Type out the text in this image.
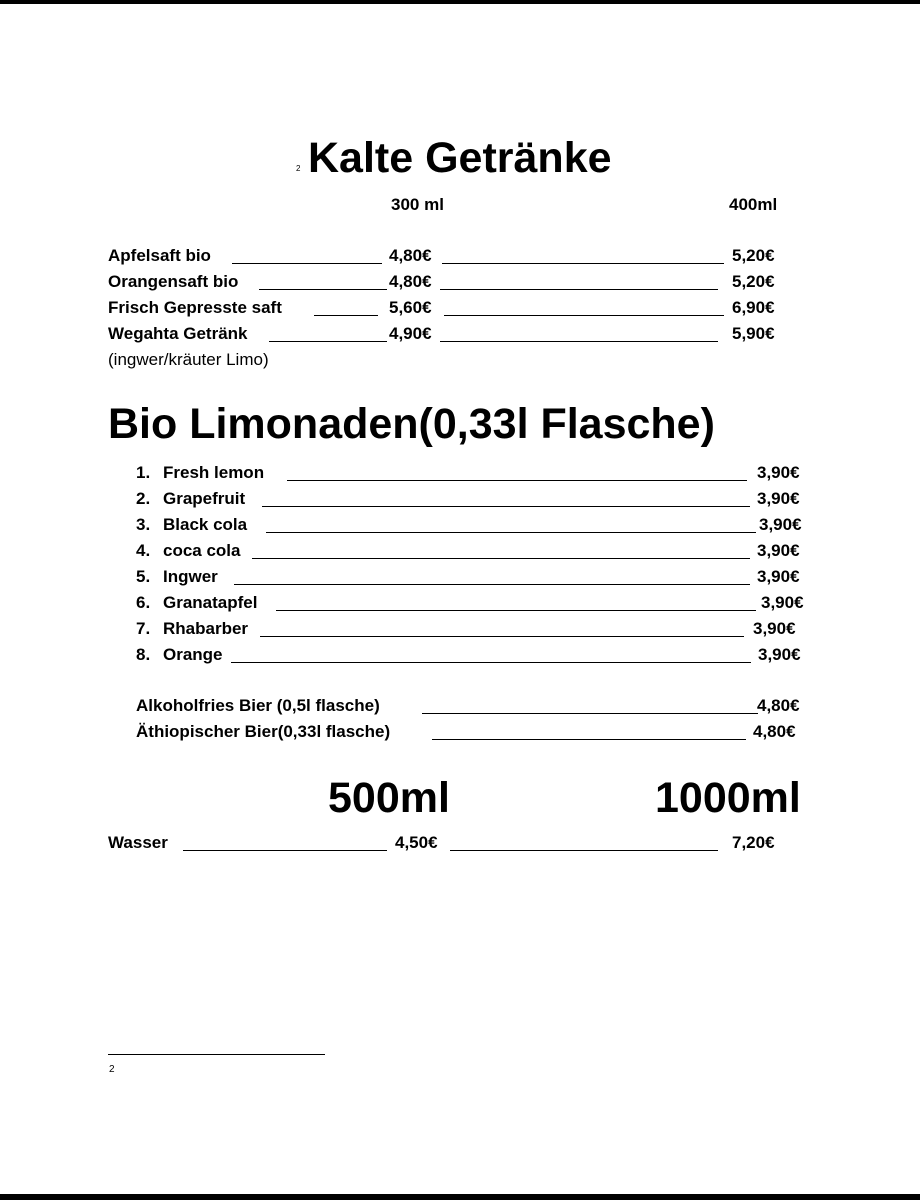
2 Kalte Getränke
300 ml	400ml
Apfelsaft bio	4,80€	5,20€
Orangensaft bio	4,80€	5,20€
Frisch Gepresste saft	5,60€	6,90€
Wegahta Getränk	4,90€	5,90€
(ingwer/kräuter Limo)
Bio Limonaden(0,33l Flasche)
1. Fresh lemon	3,90€
2. Grapefruit	3,90€
3. Black cola	3,90€
4. coca cola	3,90€
5. Ingwer	3,90€
6. Granatapfel	3,90€
7. Rhabarber	3,90€
8. Orange	3,90€
Alkoholfries Bier (0,5l flasche)	4,80€
Äthiopischer Bier(0,33l flasche)	4,80€
500ml	1000ml
Wasser	4,50€	7,20€
2
